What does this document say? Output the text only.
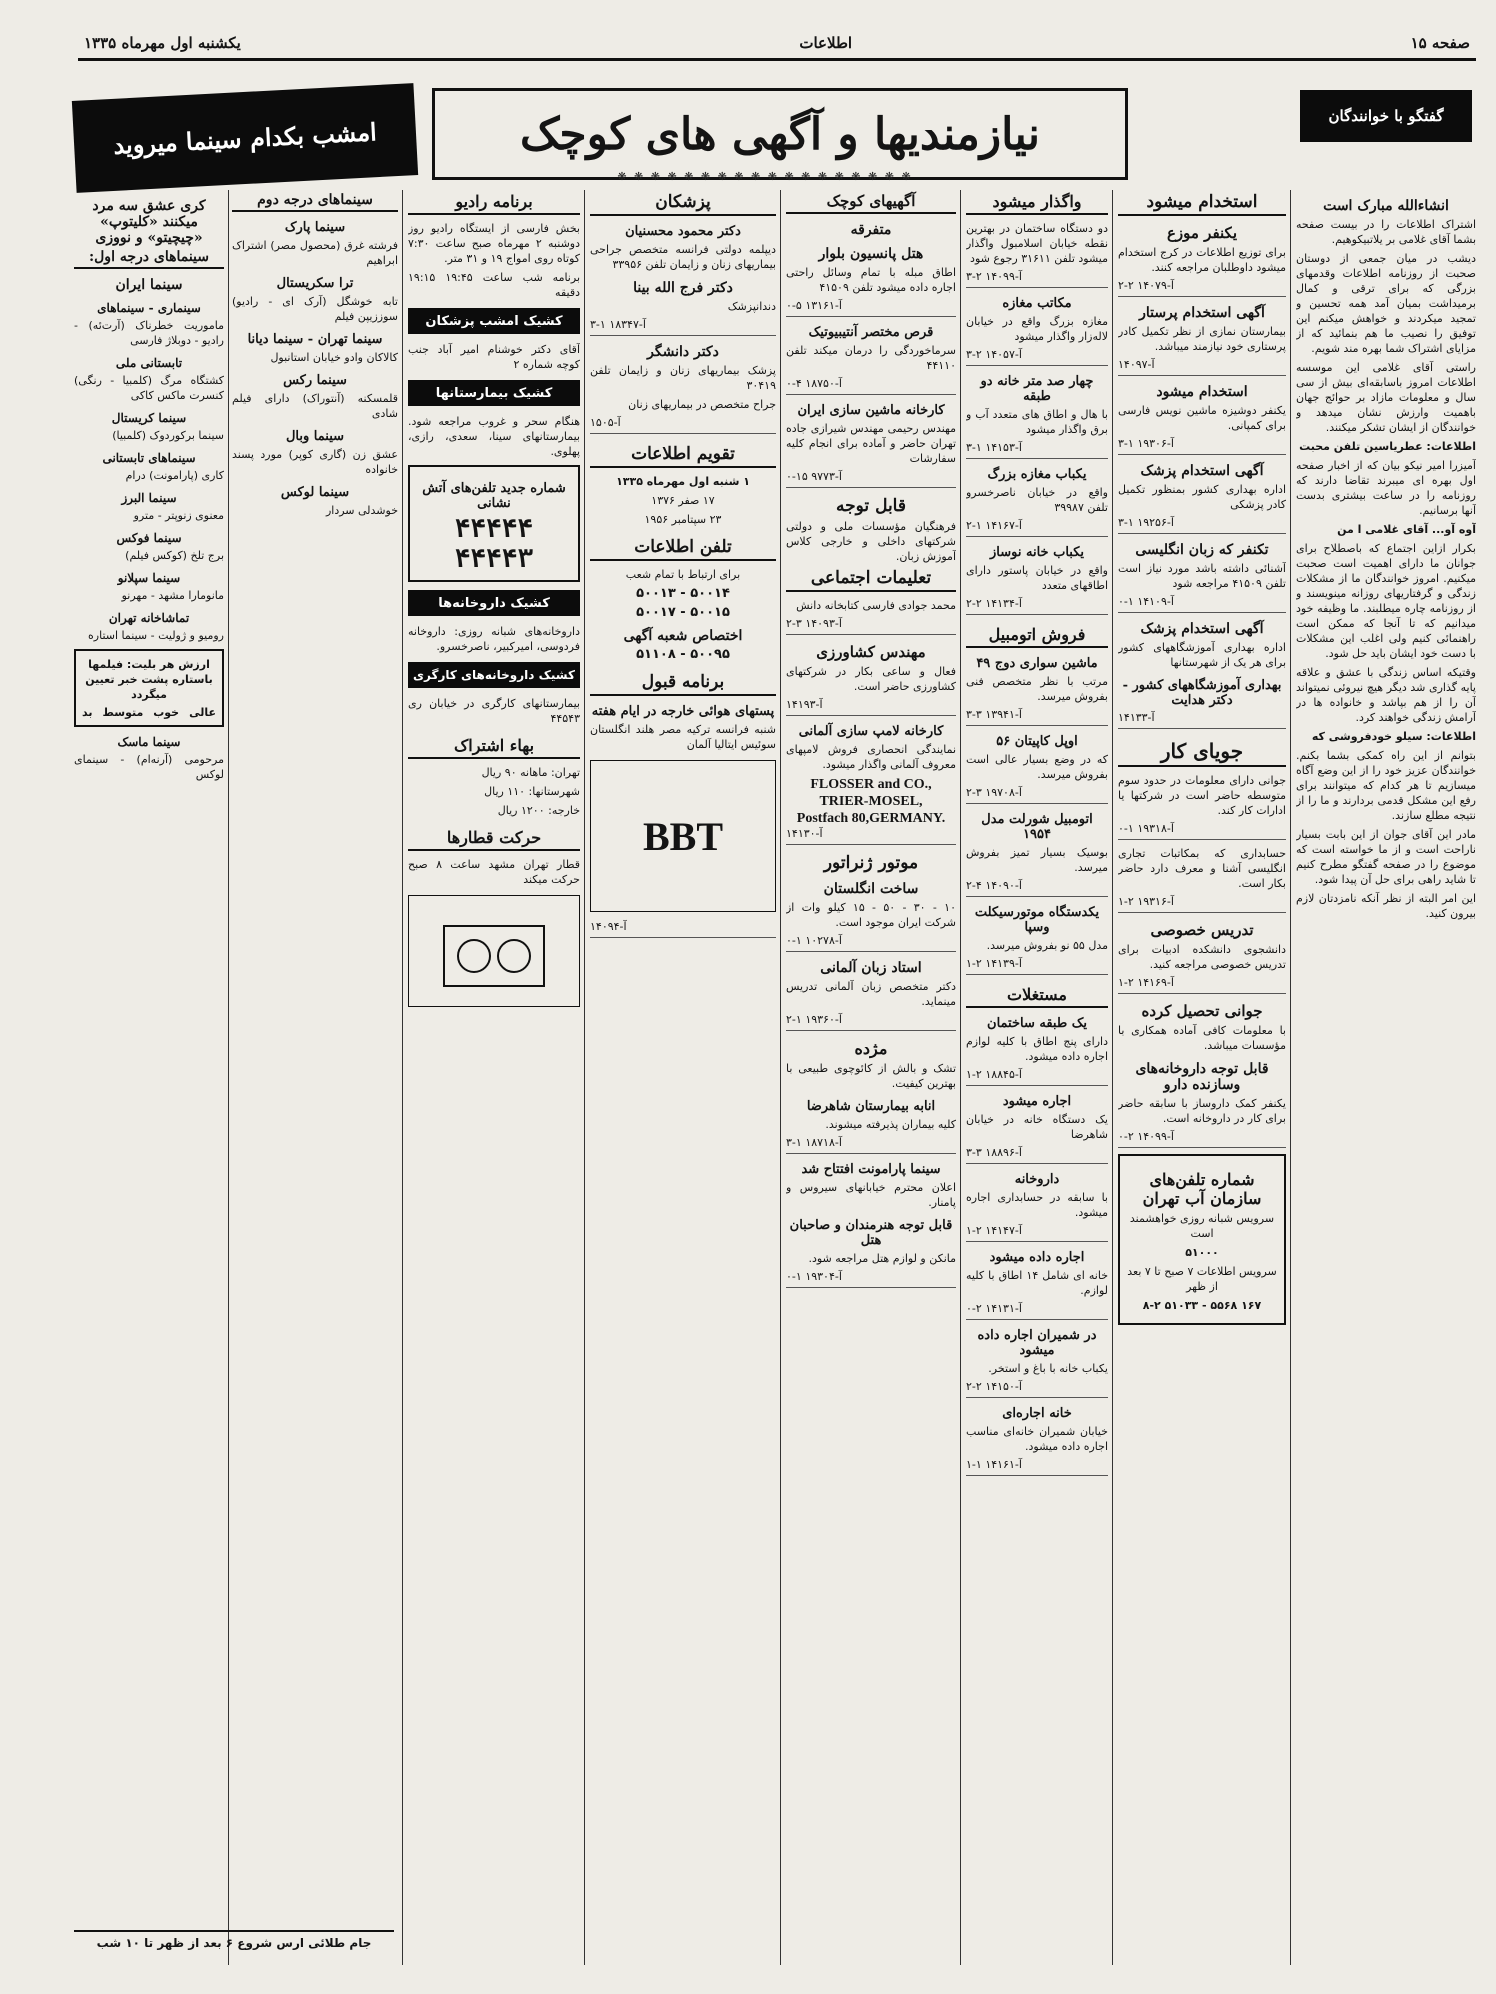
یکشنبه اول مهرماه ۱۳۳۵	اطلاعات	صفحه ۱۵
گفتگو با خوانندگان
نیازمندیها و آگهی های کوچک
❋ ❋ ❋ ❋ ❋ ❋ ❋ ❋ ❋ ❋ ❋ ❋ ❋ ❋ ❋ ❋ ❋ ❋
امشب بکدام سینما میروید
انشاءالله مبارک است

اشتراک اطلاعات را در بیست صفحه بشما آقای غلامی بر یلاتبیکوهیم.

دیشب در میان جمعی از دوستان صحبت از روزنامه اطلاعات وقدمهای بزرگی که برای ترقی و کمال برمیداشت بمیان آمد همه تحسین و تمجید میکردند و خواهش میکنم این توفیق را نصیب ما هم بنمائید که از مزایای اشتراک شما بهره مند شویم.

راستی آقای غلامی این موسسه اطلاعات امروز باسابقه‌ای بیش از سی سال و معلومات مازاد بر حوائج جهان باهمیت وارزش نشان میدهد و خوانندگان از ایشان تشکر میکنند.

اطلاعات: عطریاسین تلفن محبت

آمیزرا امیر نیکو بیان که از اخبار صفحه اول بهره ای میبرند تقاضا دارند که روزنامه را در ساعت بیشتری بدست آنها برسانیم.

آوه آو... آقای غلامی ا من

بکرار ازاین اجتماع که باصطلاح برای جوانان ما دارای اهمیت است صحبت میکنیم. امروز خوانندگان ما از مشکلات زندگی و گرفتاریهای روزانه مینویسند و از روزنامه چاره میطلبند. ما وظیفه خود میدانیم که تا آنجا که ممکن است راهنمائی کنیم ولی اغلب این مشکلات با دست خود ایشان باید حل شود.

وقتیکه اساس زندگی با عشق و علاقه پایه گذاری شد دیگر هیچ نیروئی نمیتواند آن را از هم بپاشد و خانواده ها در آرامش زندگی خواهند کرد.

اطلاعات: سیلو خودفروشی که

بتوانم از این راه کمکی بشما بکنم. خوانندگان عزیز خود را از این وضع آگاه میسازیم تا هر کدام که میتوانند برای رفع این مشکل قدمی بردارند و ما را از نتیجه مطلع سازند.

مادر این آقای جوان از این بابت بسیار ناراحت است و از ما خواسته است که موضوع را در صفحه گفتگو مطرح کنیم تا شاید راهی برای حل آن پیدا شود.

این امر البته از نظر آنکه نامزدتان لازم بیرون کنید.

استخدام میشود
یکنفر موزع

برای توزیع اطلاعات در کرج استخدام میشود داوطلبان مراجعه کنند.

آ-۱۴۰۷۹ ۲-۲
آگهی استخدام پرستار

بیمارستان نمازی از نظر تکمیل کادر پرستاری خود نیازمند میباشد.

آ-۱۴۰۹۷
استخدام میشود

یکنفر دوشیزه ماشین نویس فارسی برای کمپانی.

آ-۱۹۳۰۶ ۱-۳
آگهی استخدام پزشک

اداره بهداری کشور بمنظور تکمیل کادر پزشکی

آ-۱۹۲۵۶ ۱-۳
تکنفر که زبان انگلیسی

آشنائی داشته باشد مورد نیاز است تلفن ۴۱۵۰۹ مراجعه شود

آ-۱۴۱۰۹ ۱-۰
آگهی استخدام پزشک

اداره بهداری آموزشگاههای کشور برای هر یک از شهرستانها

بهداری آموزشگاههای کشور - دکتر هدایت
آ-۱۴۱۳۳
جویای کار

جوانی دارای معلومات در حدود سوم متوسطه حاضر است در شرکتها یا ادارات کار کند.

آ-۱۹۳۱۸ ۱-۰

حسابداری که بمکاتبات تجاری انگلیسی آشنا و معرف دارد حاضر بکار است.

آ-۱۹۳۱۶ ۲-۱
تدریس خصوصی

دانشجوی دانشکده ادبیات برای تدریس خصوصی مراجعه کنید.

آ-۱۴۱۶۹ ۲-۱
جوانی تحصیل کرده

با معلومات کافی آماده همکاری با مؤسسات میباشد.

قابل توجه داروخانه‌های وسازنده دارو

یکنفر کمک داروساز با سابقه حاضر برای کار در داروخانه است.

آ-۱۴۰۹۹ ۲-۰
شماره تلفن‌های سازمان آب تهران

سرویس شبانه روزی خواهشمند است

۵۱۰۰۰

سرویس اطلاعات ۷ صبح تا ۷ بعد از ظهر

۱۶۷ ۵۵۶۸ - ۵۱۰۳۳ ۸-۲

واگذار میشود

دو دستگاه ساختمان در بهترین نقطه خیابان اسلامبول واگذار میشود تلفن ۳۱۶۱۱ رجوع شود

آ-۱۴۰۹۹ ۲-۳
مکاتب مغازه

مغازه بزرگ واقع در خیابان لاله‌زار واگذار میشود

آ-۱۴۰۵۷ ۲-۳
چهار صد متر خانه دو طبقه

با هال و اطاق های متعدد آب و برق واگذار میشود

آ-۱۴۱۵۳ ۱-۳
یکباب مغازه بزرگ

واقع در خیابان ناصرخسرو تلفن ۳۹۹۸۷

آ-۱۴۱۶۷ ۱-۲
یکباب خانه نوساز

واقع در خیابان پاستور دارای اطاقهای متعدد

آ-۱۴۱۳۴ ۲-۲
فروش اتومبیل
ماشین سواری دوج ۴۹

مرتب با نظر متخصص فنی بفروش میرسد.

آ-۱۳۹۴۱ ۳-۳
اوپل کاپیتان ۵۶

که در وضع بسیار عالی است بفروش میرسد.

آ-۱۹۷۰۸ ۳-۲
اتومبیل شورلت مدل ۱۹۵۴

بوسیک بسیار تمیز بفروش میرسد.

آ-۱۴۰۹۰ ۴-۲
یکدستگاه موتورسیکلت وسپا

مدل ۵۵ نو بفروش میرسد.

آ-۱۴۱۳۹ ۲-۱
مستغلات
یک طبقه ساختمان

دارای پنج اطاق با کلیه لوازم اجاره داده میشود.

آ-۱۸۸۴۵ ۲-۱
اجاره میشود

یک دستگاه خانه در خیابان شاهرضا

آ-۱۸۸۹۶ ۳-۳
داروخانه

با سابقه در حسابداری اجاره میشود.

آ-۱۴۱۴۷ ۲-۱
اجاره داده میشود

خانه ای شامل ۱۴ اطاق با کلیه لوازم.

آ-۱۴۱۳۱ ۲-۰
در شمیران اجاره داده میشود

یکباب خانه با باغ و استخر.

آ-۱۴۱۵۰ ۲-۲
خانه اجاره‌ای

خیابان شمیران خانه‌ای مناسب اجاره داده میشود.

آ-۱۴۱۶۱ ۱-۱
آگهیهای کوچک
متفرقه
هتل پانسیون بلوار

اطاق مبله با تمام وسائل راحتی اجاره داده میشود تلفن ۴۱۵۰۹

آ-۱۳۱۶۱ ۵-۰
قرص مختصر آنتیبیوتیک

سرماخوردگی را درمان میکند تلفن ۴۴۱۱۰

آ-۱۸۷۵۰ ۴-۰
کارخانه ماشین سازی ایران

مهندس رحیمی مهندس شیرازی جاده تهران حاضر و آماده برای انجام کلیه سفارشات

آ-۹۷۷۳ ۱۵-۰
قابل توجه

فرهنگیان مؤسسات ملی و دولتی شرکتهای داخلی و خارجی کلاس آموزش زبان.

تعلیمات اجتماعی

محمد جوادی فارسی کتابخانه دانش

آ-۱۴۰۹۳ ۳-۲
مهندس کشاورزی

فعال و ساعی بکار در شرکتهای کشاورزی حاضر است.

آ-۱۴۱۹۳
کارخانه لامپ سازی آلمانی

نمایندگی انحصاری فروش لامپهای معروف آلمانی واگذار میشود.

FLOSSER and CO.,
TRIER-MOSEL,
Postfach 80,GERMANY.
آ-۱۴۱۳۰
موتور ژنراتور
ساخت انگلستان

۱۰ - ۳۰ - ۵۰ - ۱۵ کیلو وات از شرکت ایران موجود است.

آ-۱۰۲۷۸ ۱-۰
استاد زبان آلمانی

دکتر متخصص زبان آلمانی تدریس مینماید.

آ-۱۹۳۶۰ ۱-۲
مژده

تشک و بالش از کائوچوی طبیعی با بهترین کیفیت.

انابه بیمارستان شاهرضا

کلیه بیماران پذیرفته میشوند.

آ-۱۸۷۱۸ ۱-۳
سینما پارامونت افتتاح شد

اعلان محترم خیابانهای سیروس و پامنار.

قابل توجه هنرمندان و صاحبان هتل

مانکن و لوازم هتل مراجعه شود.

آ-۱۹۳۰۴ ۱-۰
پزشکان
دکتر محمود محسنیان

دیپلمه دولتی فرانسه متخصص جراحی بیماریهای زنان و زایمان تلفن ۳۳۹۵۶

دکتر فرج الله بینا

دندانپزشک

آ-۱۸۳۴۷ ۱-۳
دکتر دانشگر

پزشک بیماریهای زنان و زایمان تلفن ۳۰۴۱۹

جراح متخصص در بیماریهای زنان

آ-۱۵۰۵
تقویم اطلاعات

۱ شنبه اول مهرماه ۱۳۳۵

۱۷ صفر ۱۳۷۶

۲۳ سپتامبر ۱۹۵۶

تلفن اطلاعات

برای ارتباط با تمام شعب

۵۰۰۱۴ - ۵۰۰۱۳

۵۰۰۱۵ - ۵۰۰۱۷

اختصاص شعبه آگهی

۵۰۰۹۵ - ۵۱۱۰۸

برنامه قبول
پستهای هوائی خارجه در ایام هفته

شنبه فرانسه ترکیه مصر هلند انگلستان سوئیس ایتالیا آلمان

BBT
آ-۱۴۰۹۴
برنامه رادیو

بخش فارسی از ایستگاه رادیو روز دوشنبه ۲ مهرماه صبح ساعت ۷:۳۰ کوتاه روی امواج ۱۹ و ۳۱ متر.

برنامه شب ساعت ۱۹:۴۵ ۱۹:۱۵ دقیقه

کشیک امشب پزشکان

آقای دکتر خوشنام امیر آباد جنب کوچه شماره ۲

کشیک بیمارستانها

هنگام سحر و غروب مراجعه شود. بیمارستانهای سینا، سعدی، رازی، پهلوی.

شماره جدید تلفن‌های آتش نشانی
۴۴۴۴۴ ۴۴۴۴۳
کشیک داروخانه‌ها

داروخانه‌های شبانه روزی: داروخانه فردوسی، امیرکبیر، ناصرخسرو.

کشیک داروخانه‌های کارگری

بیمارستانهای کارگری در خیابان ری ۴۴۵۴۳

بهاء اشتراک

تهران: ماهانه ۹۰ ریال

شهرستانها: ۱۱۰ ریال

خارجه: ۱۲۰۰ ریال

حرکت قطارها

قطار تهران مشهد ساعت ۸ صبح حرکت میکند

کری عشق سه مرد میکنند «کلیتوپ» «چیچیتو» و نووزی
سینماهای درجه اول:
سینما ایران
سینماری - سینماهای

ماموریت خطرناک (آرت‌ئه) - رادیو - دوبلاژ فارسی

تابستانی ملی

کشتگاه مرگ (کلمبیا - رنگی) کنسرت ماکس کاکی

سینما کریستال

سینما برکوردوک (کلمبیا)

سینماهای تابستانی

کاری (پارامونت) درام

سینما البرز

معنوی زنوپتر - مترو

سینما فوکس

برج تلخ (کوکس فیلم)

سینما سپلانو

مانومارا مشهد - مهرنو

تماشاخانه تهران

رومیو و ژولیت - سینما استاره

ارزش هر بلیت: فیلمها باستاره پشت خبر تعیین میگردد

عالی
خوب
متوسط
بد
سینما ماسک

مرحومی (آرنه‌ام) - سینمای لوکس

سینماهای درجه دوم
سینما پارک

فرشته غرق (محصول مصر) اشتراک ابراهیم

ترا سکریستال

تابه خوشگل (آرک ای - رادیو) سوززیپن فیلم

سینما تهران - سینما دیانا

کالاکان وادو خیابان استانبول

سینما رکس

قلمسکنه (آنتوراک) دارای فیلم شادی

سینما وبال

عشق زن (گاری کوپر) مورد پسند خانواده

سینما لوکس

خوشدلی سردار

جام طلائی ارس شروع ۶ بعد از ظهر تا ۱۰ شب
